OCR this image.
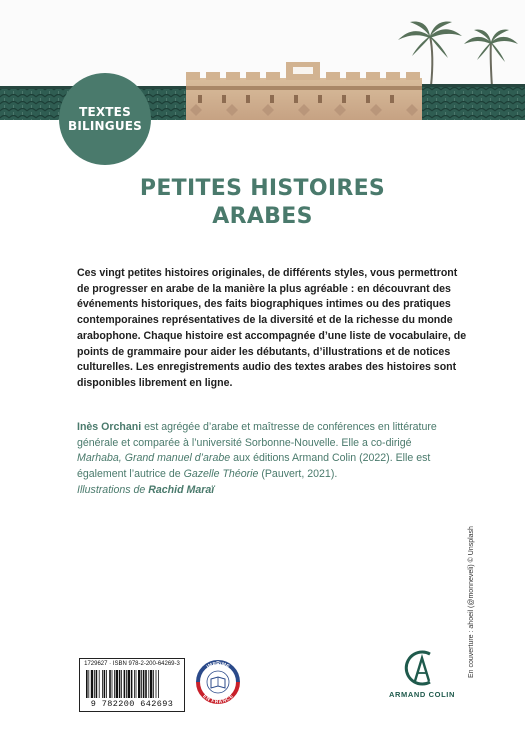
TEXTES
BILINGUES
PETITES HISTOIRES
ARABES
Ces vingt petites histoires originales, de différents styles, vous permettront
de progresser en arabe de la manière la plus agréable : en découvrant des
événements historiques, des faits biographiques intimes ou des pratiques
contemporaines représentatives de la diversité et de la richesse du monde
arabophone. Chaque histoire est accompagnée d’une liste de vocabulaire, de
points de grammaire pour aider les débutants, d’illustrations et de notices
culturelles. Les enregistrements audio des textes arabes des histoires sont
disponibles librement en ligne.
Inès Orchani est agrégée d’arabe et maîtresse de conférences en littérature
générale et comparée à l’université Sorbonne-Nouvelle. Elle a co-dirigé
Marhaba, Grand manuel d’arabe aux éditions Armand Colin (2022). Elle est
également l’autrice de Gazelle Théorie (Pauvert, 2021).
Illustrations de Rachid Maraï
En couverture : ahoeil (@monneveli) © Unsplash
1729627 · ISBN 978-2-200-64269-3
9 782200 642693
IMPRIMÉ
EN FRANCE	ARMAND COLIN
